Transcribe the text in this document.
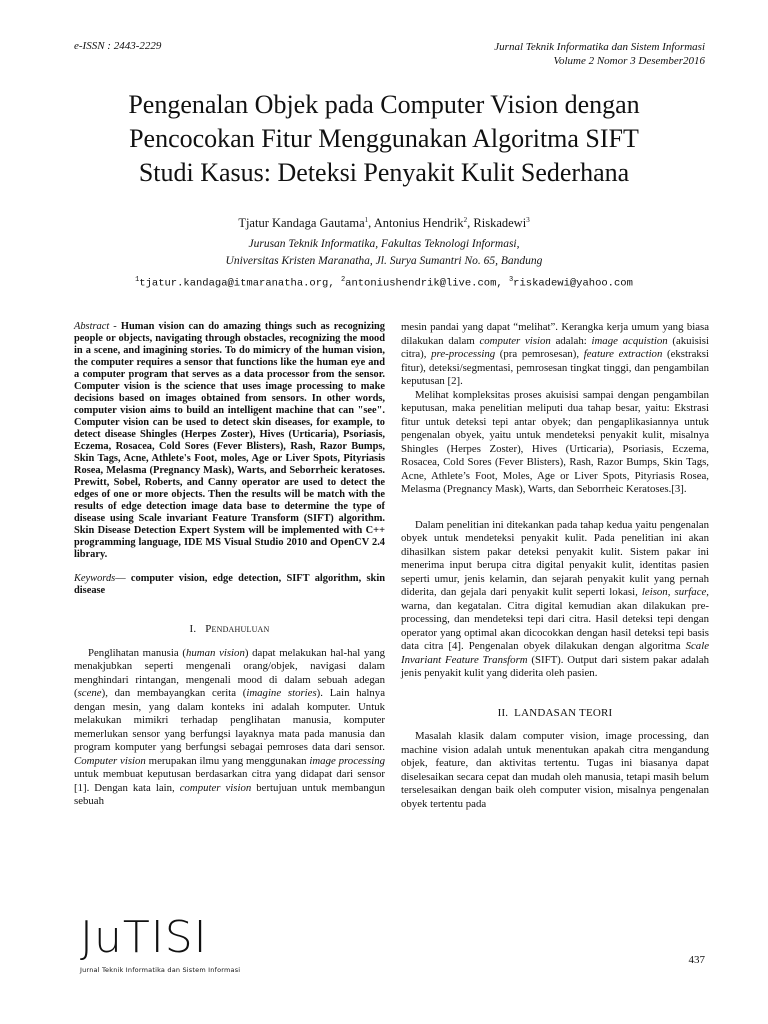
e-ISSN : 2443-2229	Jurnal Teknik Informatika dan Sistem Informasi
Volume 2 Nomor 3 Desember2016
Pengenalan Objek pada Computer Vision dengan
Pencocokan Fitur Menggunakan Algoritma SIFT
Studi Kasus: Deteksi Penyakit Kulit Sederhana
Tjatur Kandaga Gautama$^1$, Antonius Hendrik$^2$, Riskadewi$^3$
Jurusan Teknik Informatika, Fakultas Teknologi Informasi,
Universitas Kristen Maranatha, Jl. Surya Sumantri No. 65, Bandung
$^1$tjatur.kandaga@itmaranatha.org, $^2$antoniushendrik@live.com, $^3$riskadewi@yahoo.com
Abstract - Human vision can do amazing things such as recognizing people or objects, navigating through obstacles, recognizing the mood in a scene, and imagining stories. To do mimicry of the human vision, the computer requires a sensor that functions like the human eye and a computer program that serves as a data processor from the sensor. Computer vision is the science that uses image processing to make decisions based on images obtained from sensors. In other words, computer vision aims to build an intelligent machine that can "see". Computer vision can be used to detect skin diseases, for example, to detect disease Shingles (Herpes Zoster), Hives (Urticaria), Psoriasis, Eczema, Rosacea, Cold Sores (Fever Blisters), Rash, Razor Bumps, Skin Tags, Acne, Athlete's Foot, moles, Age or Liver Spots, Pityriasis Rosea, Melasma (Pregnancy Mask), Warts, and Seborrheic keratoses. Prewitt, Sobel, Roberts, and Canny operator are used to detect the edges of one or more objects. Then the results will be match with the results of edge detection image data base to determine the type of disease using Scale invariant Feature Transform (SIFT) algorithm. Skin Disease Detection Expert System will be implemented with C++ programming language, IDE MS Visual Studio 2010 and OpenCV 2.4 library.
Keywords— computer vision, edge detection, SIFT algorithm, skin disease
I. Pendahuluan

Penglihatan manusia (human vision) dapat melakukan hal-hal yang menakjubkan seperti mengenali orang/objek, navigasi dalam menghindari rintangan, mengenali mood di dalam sebuah adegan (scene), dan membayangkan cerita (imagine stories). Lain halnya dengan mesin, yang dalam konteks ini adalah komputer. Untuk melakukan mimikri terhadap penglihatan manusia, komputer memerlukan sensor yang berfungsi layaknya mata pada manusia dan program komputer yang berfungsi sebagai pemroses data dari sensor. Computer vision merupakan ilmu yang menggunakan image processing untuk membuat keputusan berdasarkan citra yang didapat dari sensor [1]. Dengan kata lain, computer vision bertujuan untuk membangun sebuah

mesin pandai yang dapat “melihat”. Kerangka kerja umum yang biasa dilakukan dalam computer vision adalah: image acquistion (akuisisi citra), pre-processing (pra pemrosesan), feature extraction (ekstraksi fitur), deteksi/segmentasi, pemrosesan tingkat tinggi, dan pengambilan keputusan [2].

Melihat kompleksitas proses akuisisi sampai dengan pengambilan keputusan, maka penelitian meliputi dua tahap besar, yaitu: Ekstrasi fitur untuk deteksi tepi antar obyek; dan pengaplikasiannya untuk pengenalan obyek, yaitu untuk mendeteksi penyakit kulit, misalnya Shingles (Herpes Zoster), Hives (Urticaria), Psoriasis, Eczema, Rosacea, Cold Sores (Fever Blisters), Rash, Razor Bumps, Skin Tags, Acne, Athlete’s Foot, Moles, Age or Liver Spots, Pityriasis Rosea, Melasma (Pregnancy Mask), Warts, dan Seborrheic Keratoses.[3].

Dalam penelitian ini ditekankan pada tahap kedua yaitu pengenalan obyek untuk mendeteksi penyakit kulit. Pada penelitian ini akan dihasilkan sistem pakar deteksi penyakit kulit. Sistem pakar ini menerima input berupa citra digital penyakit kulit, identitas pasien seperti umur, jenis kelamin, dan sejarah penyakit kulit yang pernah diderita, dan gejala dari penyakit kulit seperti lokasi, leison, surface, warna, dan kegatalan. Citra digital kemudian akan dilakukan pre-processing, dan mendeteksi tepi dari citra. Hasil deteksi tepi dengan operator yang optimal akan dicocokkan dengan hasil deteksi tepi basis data citra [4]. Pengenalan obyek dilakukan dengan algoritma Scale Invariant Feature Transform (SIFT). Output dari sistem pakar adalah jenis penyakit kulit yang diderita oleh pasien.

II. LANDASAN TEORI

Masalah klasik dalam computer vision, image processing, dan machine vision adalah untuk menentukan apakah citra mengandung objek, feature, dan aktivitas tertentu. Tugas ini biasanya dapat diselesaikan secara cepat dan mudah oleh manusia, tetapi masih belum terselesaikan dengan baik oleh computer vision, misalnya pengenalan obyek tertentu pada

JuTISI
Jurnal Teknik Informatika dan Sistem Informasi
437
